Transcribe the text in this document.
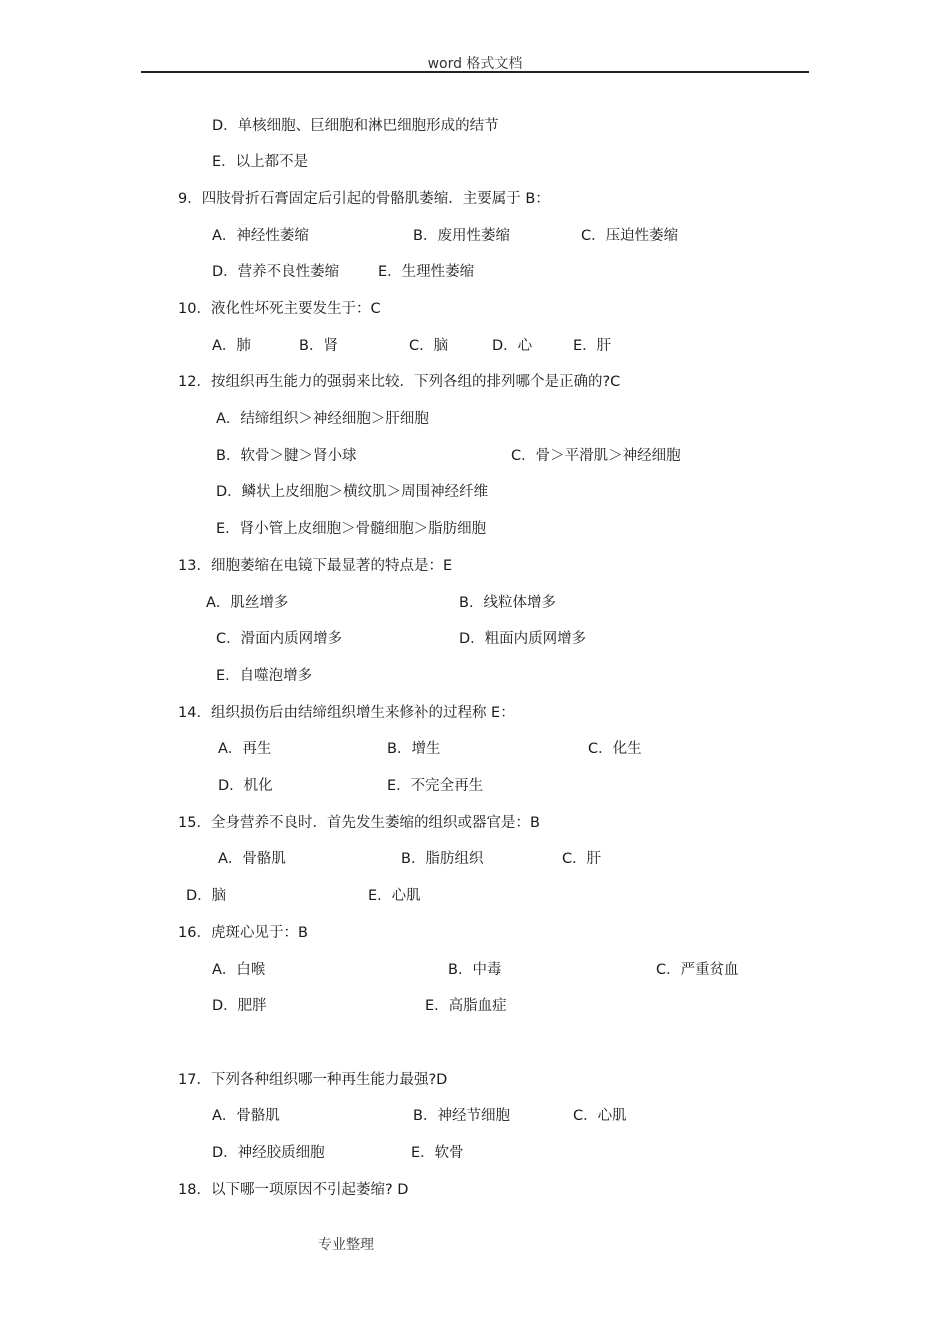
word 格式文档
D．单核细胞、巨细胞和淋巴细胞形成的结节
E．以上都不是
9．四肢骨折石膏固定后引起的骨骼肌萎缩．主要属于 B：
A．神经性萎缩	B．废用性萎缩	C．压迫性萎缩
D．营养不良性萎缩	E．生理性萎缩
10．液化性坏死主要发生于：C
A．肺	B．肾	C．脑	D．心	E．肝
12．按组织再生能力的强弱来比较．下列各组的排列哪个是正确的?C
A．结缔组织＞神经细胞＞肝细胞
B．软骨＞腱＞肾小球	C．骨＞平滑肌＞神经细胞
D．鳞状上皮细胞＞横纹肌＞周围神经纤维
E．肾小管上皮细胞＞骨髓细胞＞脂肪细胞
13．细胞萎缩在电镜下最显著的特点是：E
A．肌丝增多	B．线粒体增多
C．滑面内质网增多	D．粗面内质网增多
E．自噬泡增多
14．组织损伤后由结缔组织增生来修补的过程称 E：
A．再生	B．增生	C．化生
D．机化	E．不完全再生
15．全身营养不良时．首先发生萎缩的组织或器官是：B
A．骨骼肌	B．脂肪组织	C．肝
D．脑	E．心肌
16．虎斑心见于：B
A．白喉	B．中毒	C．严重贫血
D．肥胖	E．高脂血症
17．下列各种组织哪一种再生能力最强?D
A．骨骼肌	B．神经节细胞	C．心肌
D．神经胶质细胞	E．软骨
18．以下哪一项原因不引起萎缩? D
专业整理
